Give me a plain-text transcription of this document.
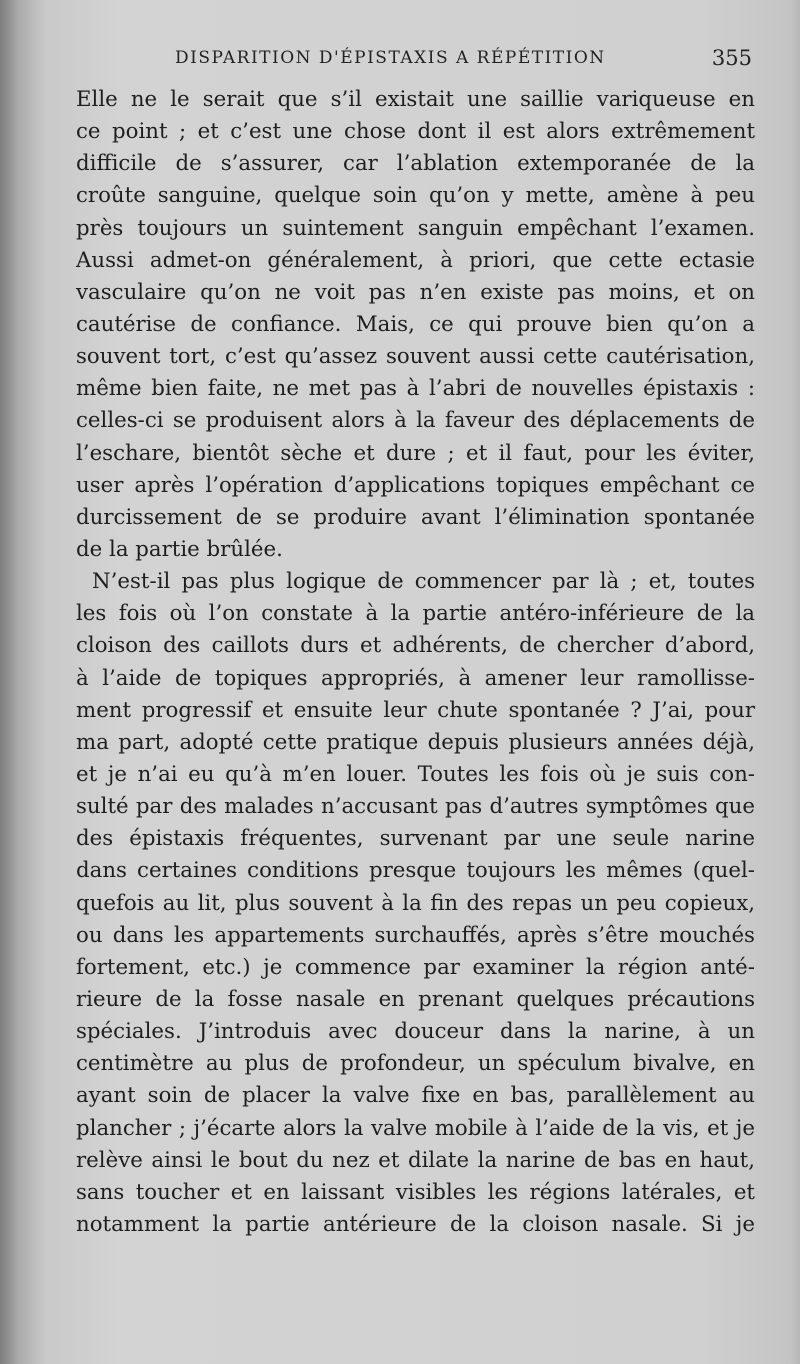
DISPARITION D'ÉPISTAXIS A RÉPÉTITION	355
Elle ne le serait que s’il existait une saillie variqueuse en
ce point ; et c’est une chose dont il est alors extrêmement
difficile de s’assurer, car l’ablation extemporanée de la
croûte sanguine, quelque soin qu’on y mette, amène à peu
près toujours un suintement sanguin empêchant l’examen.
Aussi admet-on généralement, à priori, que cette ectasie
vasculaire qu’on ne voit pas n’en existe pas moins, et on
cautérise de confiance. Mais, ce qui prouve bien qu’on a
souvent tort, c’est qu’assez souvent aussi cette cautérisation,
même bien faite, ne met pas à l’abri de nouvelles épistaxis :
celles-ci se produisent alors à la faveur des déplacements de
l’eschare, bientôt sèche et dure ; et il faut, pour les éviter,
user après l’opération d’applications topiques empêchant ce
durcissement de se produire avant l’élimination spontanée
de la partie brûlée.
N’est-il pas plus logique de commencer par là ; et, toutes
les fois où l’on constate à la partie antéro-inférieure de la
cloison des caillots durs et adhérents, de chercher d’abord,
à l’aide de topiques appropriés, à amener leur ramollisse-
ment progressif et ensuite leur chute spontanée ? J’ai, pour
ma part, adopté cette pratique depuis plusieurs années déjà,
et je n’ai eu qu’à m’en louer. Toutes les fois où je suis con-
sulté par des malades n’accusant pas d’autres symptômes que
des épistaxis fréquentes, survenant par une seule narine
dans certaines conditions presque toujours les mêmes (quel-
quefois au lit, plus souvent à la fin des repas un peu copieux,
ou dans les appartements surchauffés, après s’être mouchés
fortement, etc.) je commence par examiner la région anté-
rieure de la fosse nasale en prenant quelques précautions
spéciales. J’introduis avec douceur dans la narine, à un
centimètre au plus de profondeur, un spéculum bivalve, en
ayant soin de placer la valve fixe en bas, parallèlement au
plancher ; j’écarte alors la valve mobile à l’aide de la vis, et je
relève ainsi le bout du nez et dilate la narine de bas en haut,
sans toucher et en laissant visibles les régions latérales, et
notamment la partie antérieure de la cloison nasale. Si je
